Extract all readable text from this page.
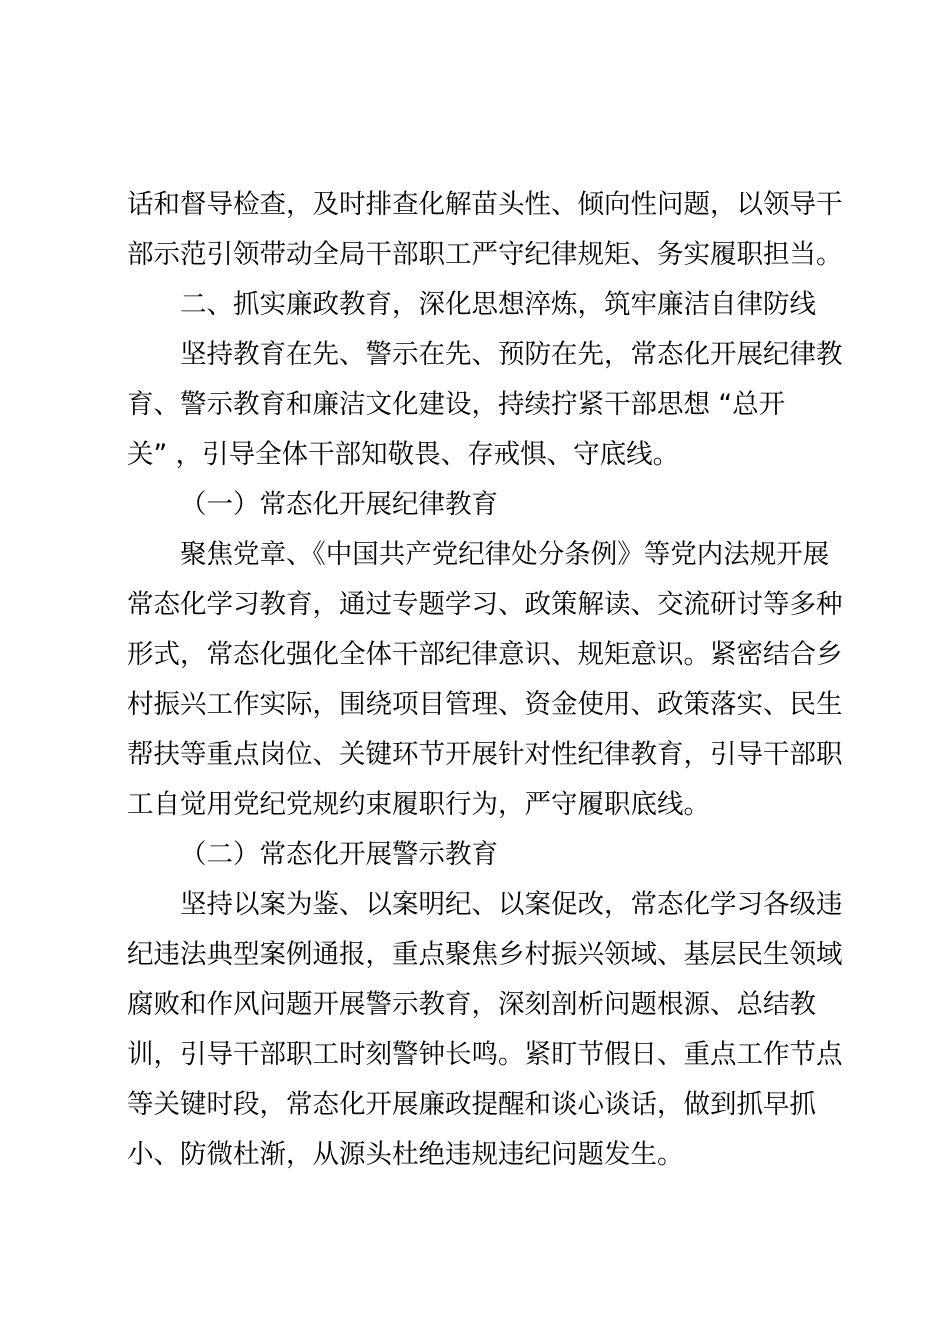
话和督导检查，及时排查化解苗头性、倾向性问题，以领导干
部示范引领带动全局干部职工严守纪律规矩、务实履职担当。
二、抓实廉政教育，深化思想淬炼，筑牢廉洁自律防线
坚持教育在先、警示在先、预防在先，常态化开展纪律教
育、警示教育和廉洁文化建设，持续拧紧干部思想 “总开
关” ，引导全体干部知敬畏、存戒惧、守底线。
（一）常态化开展纪律教育
聚焦党章、《中国共产党纪律处分条例》等党内法规开展
常态化学习教育，通过专题学习、政策解读、交流研讨等多种
形式，常态化强化全体干部纪律意识、规矩意识。紧密结合乡
村振兴工作实际，围绕项目管理、资金使用、政策落实、民生
帮扶等重点岗位、关键环节开展针对性纪律教育，引导干部职
工自觉用党纪党规约束履职行为，严守履职底线。
（二）常态化开展警示教育
坚持以案为鉴、以案明纪、以案促改，常态化学习各级违
纪违法典型案例通报，重点聚焦乡村振兴领域、基层民生领域
腐败和作风问题开展警示教育，深刻剖析问题根源、总结教
训，引导干部职工时刻警钟长鸣。紧盯节假日、重点工作节点
等关键时段，常态化开展廉政提醒和谈心谈话，做到抓早抓
小、防微杜渐，从源头杜绝违规违纪问题发生。
